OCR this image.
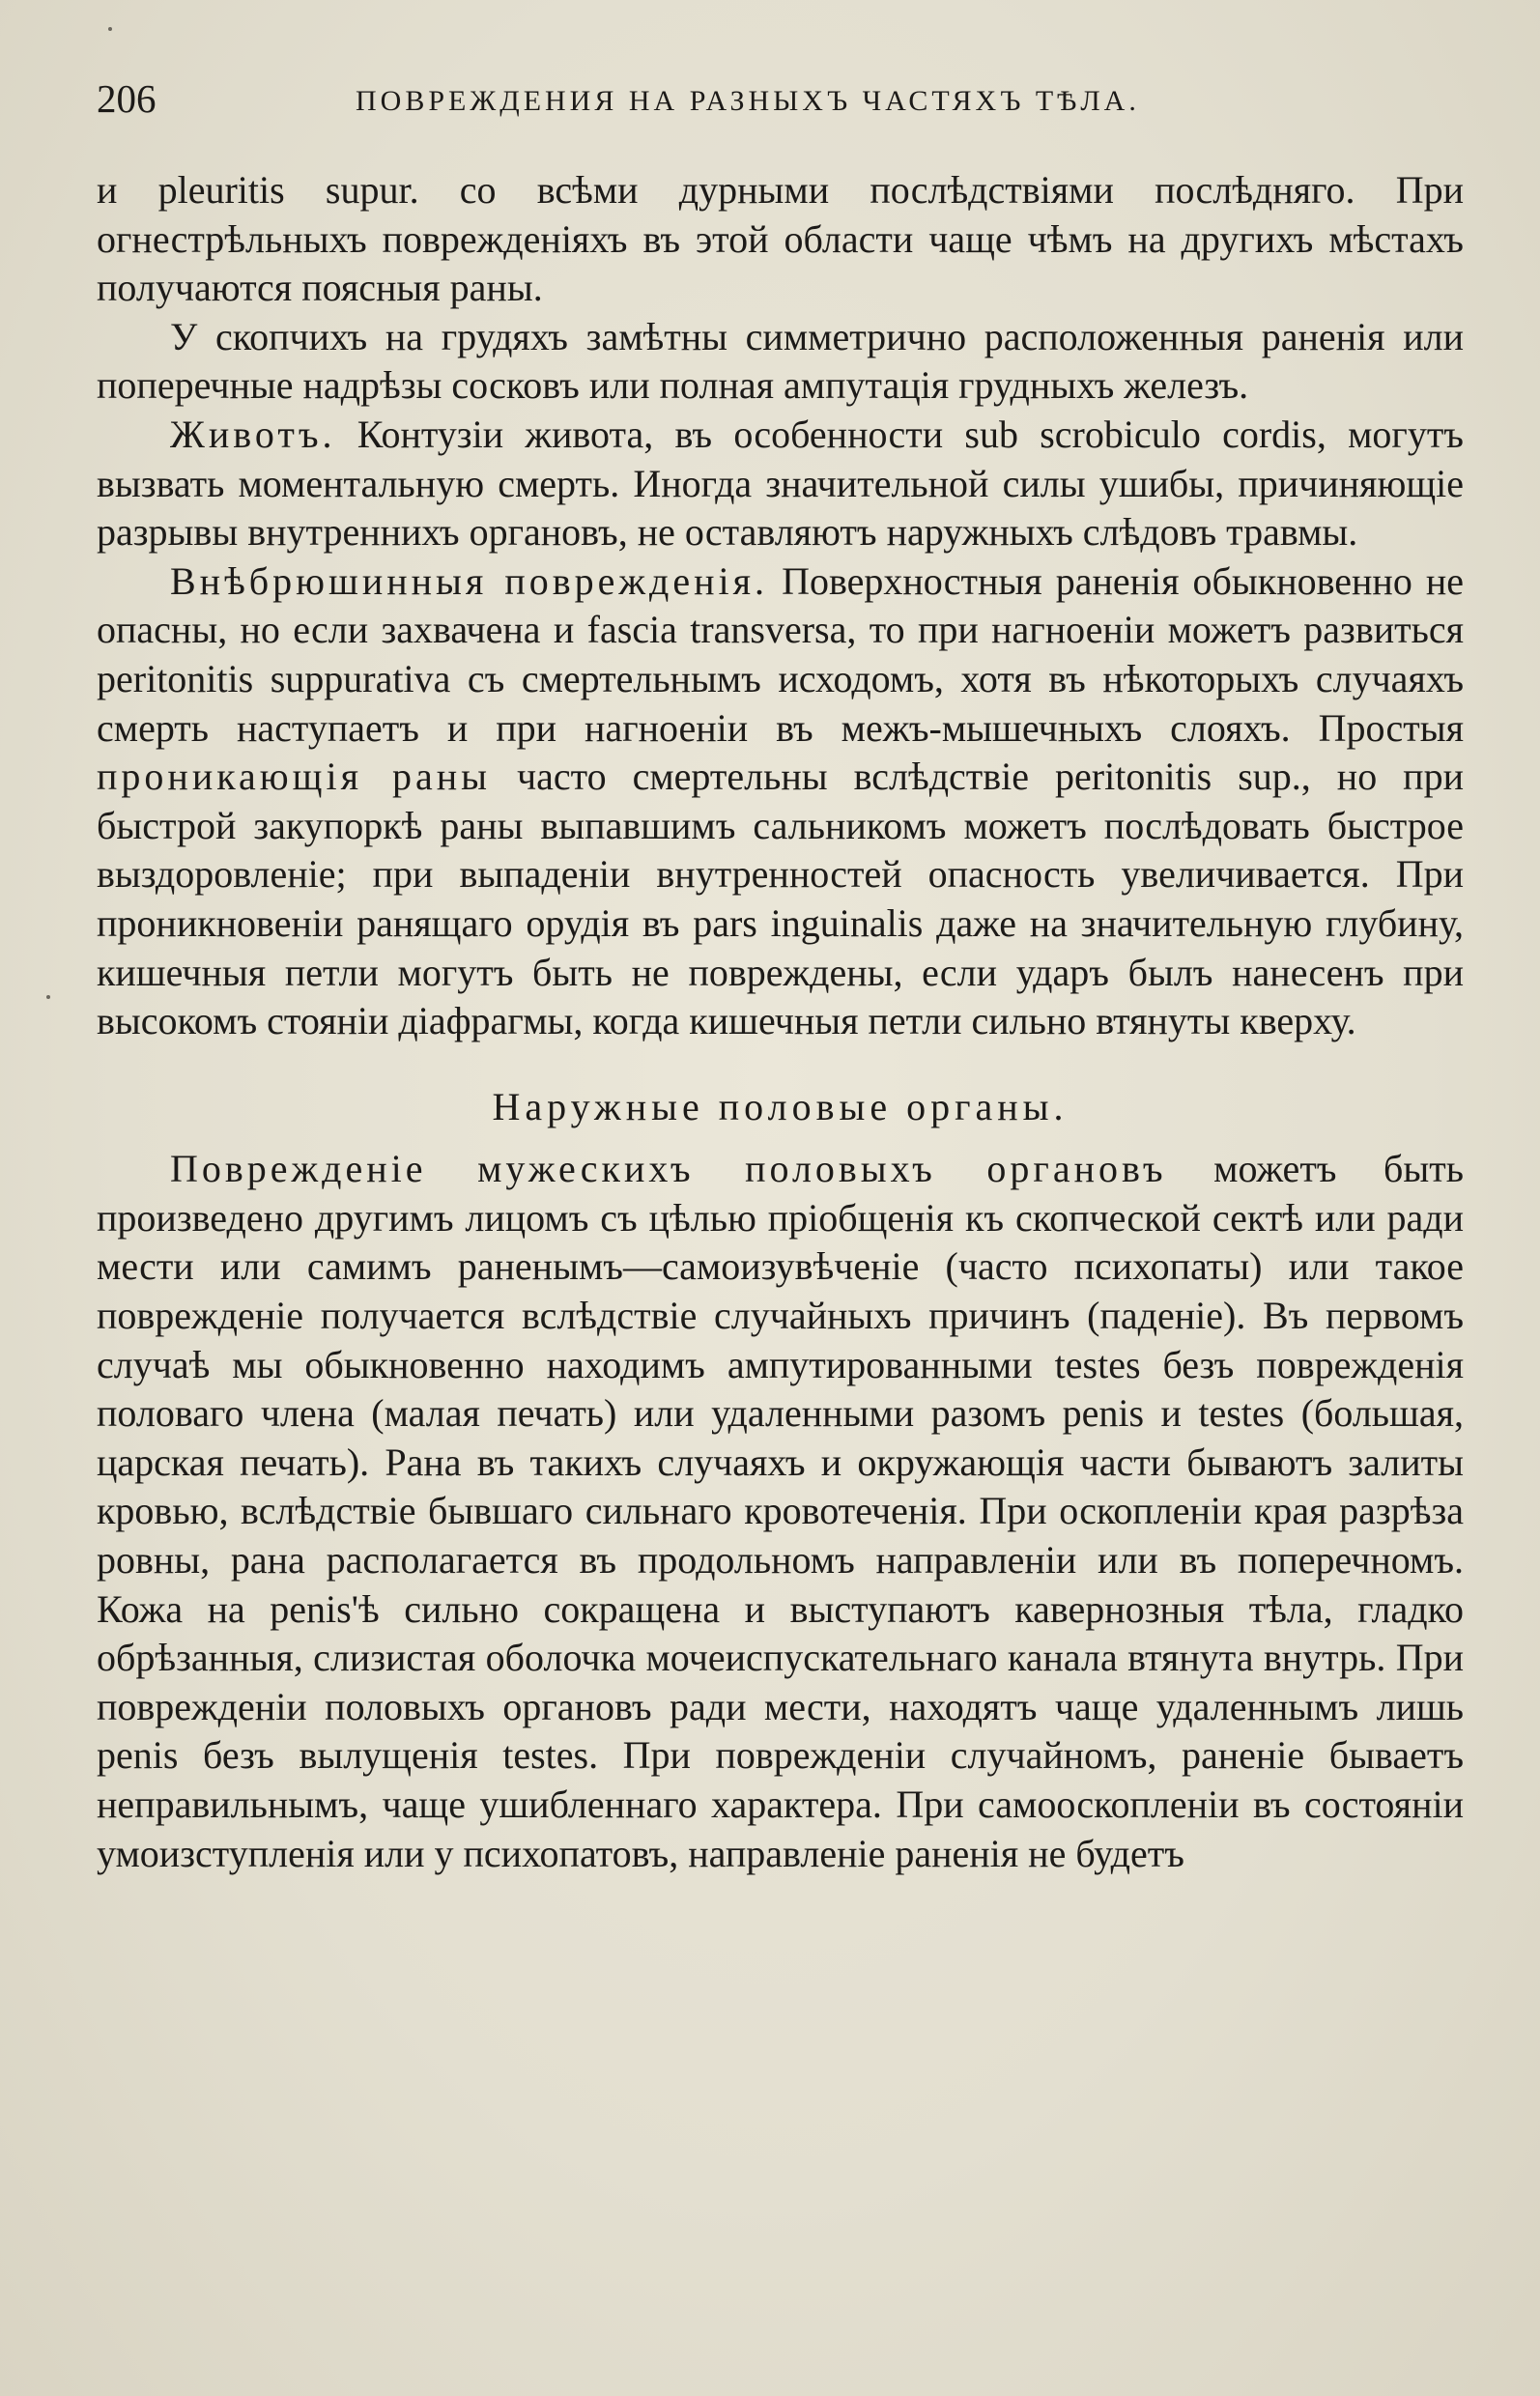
206	ПОВРЕЖДЕНИЯ НА РАЗНЫХЪ ЧАСТЯХЪ ТѢЛА.

и pleuritis supur. со всѣми дурными послѣдствiями послѣдняго. При огнестрѣльныхъ поврежденiяхъ въ этой области чаще чѣмъ на другихъ мѣстахъ получаются поясныя раны.

У скопчихъ на грудяхъ замѣтны симметрично расположенныя раненiя или поперечные надрѣзы сосковъ или полная ампутацiя грудныхъ железъ.

Животъ. Контузiи живота, въ особенности sub scrobiculo cordis, могутъ вызвать моментальную смерть. Иногда значительной силы ушибы, причиняющiе разрывы внутреннихъ органовъ, не оставляютъ наружныхъ слѣдовъ травмы.

Внѣбрюшинныя поврежденiя. Поверхностныя раненiя обыкновенно не опасны, но если захвачена и fascia transversa, то при нагноенiи можетъ развиться peritonitis suppurativa съ смертельнымъ исходомъ, хотя въ нѣкоторыхъ случаяхъ смерть наступаетъ и при нагноенiи въ межъ-мышечныхъ слояхъ. Простыя проникающiя раны часто смертельны вслѣдствiе peritonitis sup., но при быстрой закупоркѣ раны выпавшимъ сальникомъ можетъ послѣдовать быстрое выздоровленiе; при выпаденiи внутренностей опасность увеличивается. При проникновенiи ранящаго орудiя въ pars inguinalis даже на значительную глубину, кишечныя петли могутъ быть не повреждены, если ударъ былъ нанесенъ при высокомъ стоянiи дiафрагмы, когда кишечныя петли сильно втянуты кверху.

Наружные половые органы.

Поврежденiе мужескихъ половыхъ органовъ можетъ быть произведено другимъ лицомъ съ цѣлью прiобщенiя къ скопческой сектѣ или ради мести или самимъ раненымъ—самоизувѣченiе (часто психопаты) или такое поврежденiе получается вслѣдствiе случайныхъ причинъ (паденiе). Въ первомъ случаѣ мы обыкновенно находимъ ампутированными testes безъ поврежденiя половаго члена (малая печать) или удаленными разомъ penis и testes (большая, царская печать). Рана въ такихъ случаяхъ и окружающiя части бываютъ залиты кровью, вслѣдствiе бывшаго сильнаго кровотеченiя. При оскопленiи края разрѣза ровны, рана располагается въ продольномъ направленiи или въ поперечномъ. Кожа на penis'ѣ сильно сокращена и выступаютъ кавернозныя тѣла, гладко обрѣзанныя, слизистая оболочка мочеиспускательнаго канала втянута внутрь. При поврежденiи половыхъ органовъ ради мести, находятъ чаще удаленнымъ лишь penis безъ вылущенiя testes. При поврежденiи случайномъ, раненiе бываетъ неправильнымъ, чаще ушибленнаго характера. При самооскопленiи въ состоянiи умоизступленiя или у психопатовъ, направленiе раненiя не будетъ
